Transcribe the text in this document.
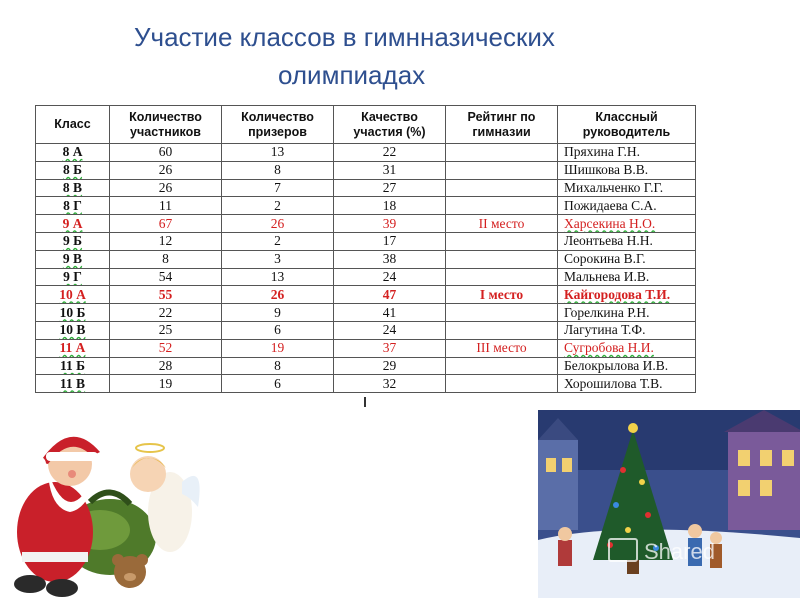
Участие классов в гимнназических
олимпиадах
Класс	Количество участников	Количество призеров	Качество участия (%)	Рейтинг по гимназии	Классный руководитель
8 А	60	13	22		Пряхина Г.Н.
8 Б	26	8	31		Шишкова В.В.
8 В	26	7	27		Михальченко Г.Г.
8 Г	11	2	18		Пожидаева С.А.
9 А	67	26	39	II место	Харсекина Н.О.
9 Б	12	2	17		Леонтьева Н.Н.
9 В	8	3	38		Сорокина В.Г.
9 Г	54	13	24		Мальнева И.В.
10 А	55	26	47	I место	Кайгородова Т.И.
10 Б	22	9	41		Горелкина Р.Н.
10 В	25	6	24		Лагутина Т.Ф.
11 А	52	19	37	III место	Сугробова Н.И.
11 Б	28	8	29		Белокрылова И.В.
11 В	19	6	32		Хорошилова Т.В.
Shared
